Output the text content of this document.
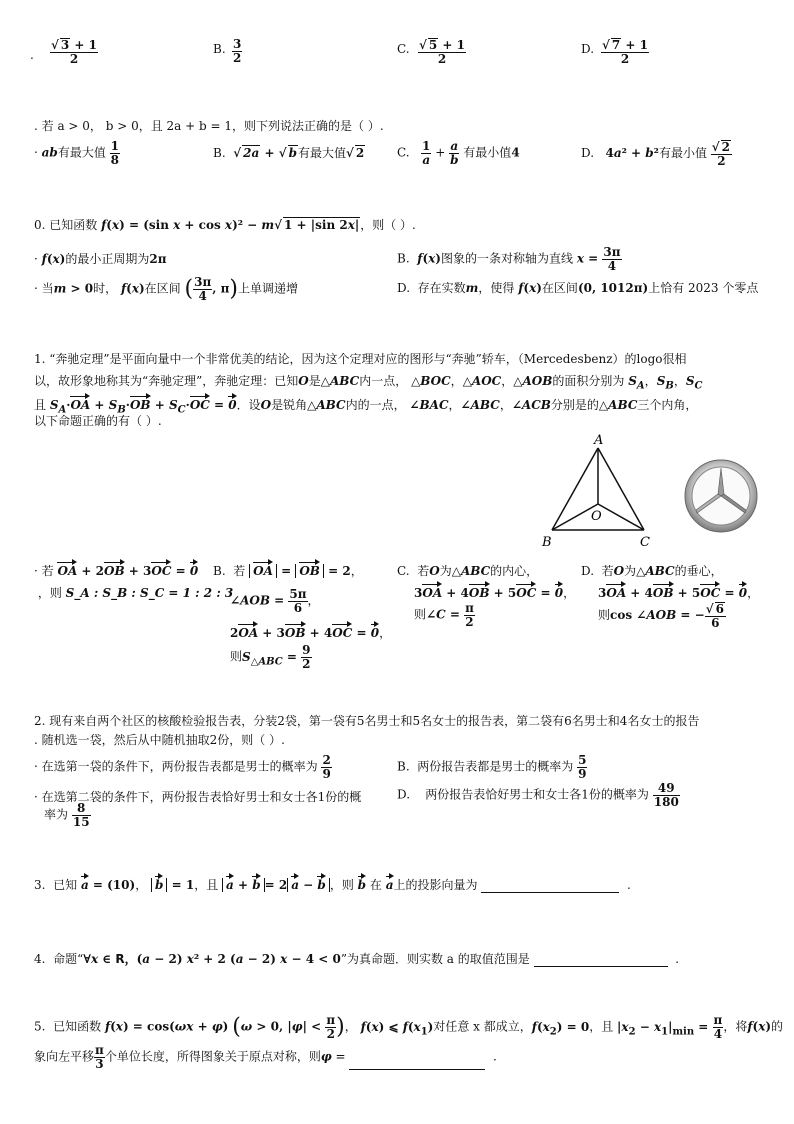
. $\frac{√ 3 + 1}{2}$	B. $\frac{3}{2}$	C. $\frac{√ 5 + 1}{2}$	D. $\frac{√ 7 + 1}{2}$
. 若 a > 0， b > 0，且 2a + b = 1，则下列说法正确的是（ ）.
· ab有最大值 $\frac{1}{8}$	B. √ 2a + √ b有最大值√ 2	C. $\frac{1}{a} + \frac{a}{b}$ 有最小值4	D. 4a² + b²有最小值 $\frac{√ 2}{2}$
0. 已知函数 f(x) = (sin x + cos x)² − m√ 1 + |sin 2x|，则（ ）.
· f(x)的最小正周期为2π	B. f(x)图象的一条对称轴为直线 $x = \frac{3\pi}{4}$
· 当m > 0时， f(x)在区间 ( $\frac{3\pi}{4}$ , π)上单调递增	D. 存在实数m，使得 f(x)在区间(0, 1012π)上恰有 2023 个零点
1. “奔驰定理”是平面向量中一个非常优美的结论，因为这个定理对应的图形与“奔驰”轿车，（Mercedesbenz）的logo很相
以，故形象地称其为“奔驰定理”，奔驰定理：已知O是△ABC内一点， △BOC，△AOC，△AOB的面积分别为 $S_A$，$S_B$，$S_C$
且 $S_A\cdot OA + S_B\cdot OB + S_C\cdot OC = 0$．设O是锐角△ABC内的一点， ∠BAC，∠ABC，∠ACB分别是的△ABC三个内角，
以下命题正确的有（ ）.
A
B	C
O
· 若 OA + 2OB + 3OC = 0
，则 S_A : S_B : S_C = 1 : 2 : 3
B. 若 OA = OB = 2，
∠AOB = $\frac{5\pi}{6}$ ，
2OA + 3OB + 4OC = 0，
则$S_{\triangle ABC} = \frac{9}{2}$
C. 若O为△ABC的内心，
3OA + 4OB + 5OC = 0，
则∠C = $\frac{\pi}{2}$
D. 若O为△ABC的垂心，
3OA + 4OB + 5OC = 0，
则cos ∠AOB = − $\frac{√ 6}{6}$
2. 现有来自两个社区的核酸检验报告表，分装2袋，第一袋有5名男士和5名女士的报告表，第二袋有6名男士和4名女士的报告
. 随机选一袋，然后从中随机抽取2份，则（ ）.
· 在选第一袋的条件下，两份报告表都是男士的概率为 $\frac{2}{9}$	B. 两份报告表都是男士的概率为 $\frac{5}{9}$
· 在选第二袋的条件下，两份报告表恰好男士和女士各1份的概
率为 $\frac{8}{15}$
D. 两份报告表恰好男士和女士各1份的概率为 $\frac{49}{180}$
3. 已知 a = (10)， b = 1，且 a + b = 2 a − b ，则 b 在 a上的投影向量为	.
4. 命题“∀x ∈ R，(a − 2) x² + 2 (a − 2) x − 4 < 0”为真命题．则实数 a 的取值范围是	.
5. 已知函数 f(x) = cos(ωx + φ) (ω > 0, $|\varphi| < \frac{\pi}{2}$ )， f(x) ⩽ $f(x_1)$对任意 x 都成立，$f(x_2) = 0$，且 $|x_2 - x_1|_{min} = \frac{\pi}{4}$ ，将f(x)的
象向左平移 $\frac{\pi}{3}$ 个单位长度，所得图象关于原点对称，则φ =	.
